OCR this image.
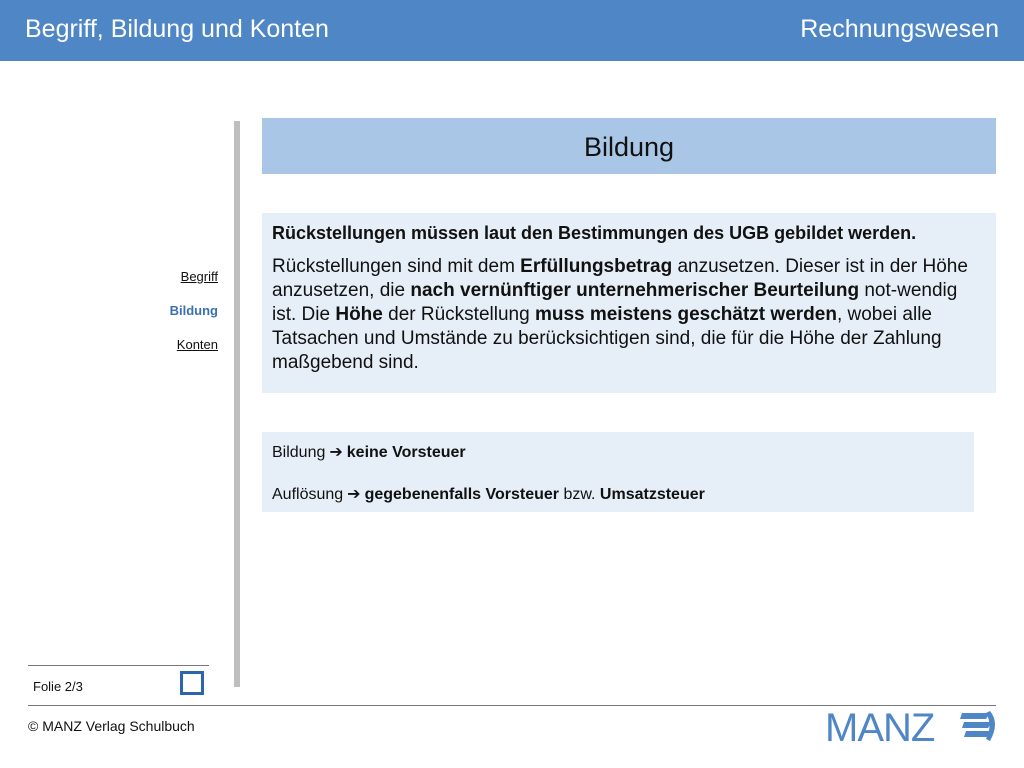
Begriff, Bildung und Konten	Rechnungswesen
Begriff
Bildung
Konten
Bildung
Rückstellungen müssen laut den Bestimmungen des UGB gebildet werden.
Rückstellungen sind mit dem Erfüllungsbetrag anzusetzen. Dieser ist in der Höhe anzusetzen, die nach vernünftiger unternehmerischer Beurteilung not-wendig ist. Die Höhe der Rückstellung muss meistens geschätzt werden, wobei alle Tatsachen und Umstände zu berücksichtigen sind, die für die Höhe der Zahlung maßgebend sind.
Bildung ➔ keine Vorsteuer
Auflösung ➔ gegebenenfalls Vorsteuer bzw. Umsatzsteuer
Folie 2/3
© MANZ Verlag Schulbuch	MANZ
